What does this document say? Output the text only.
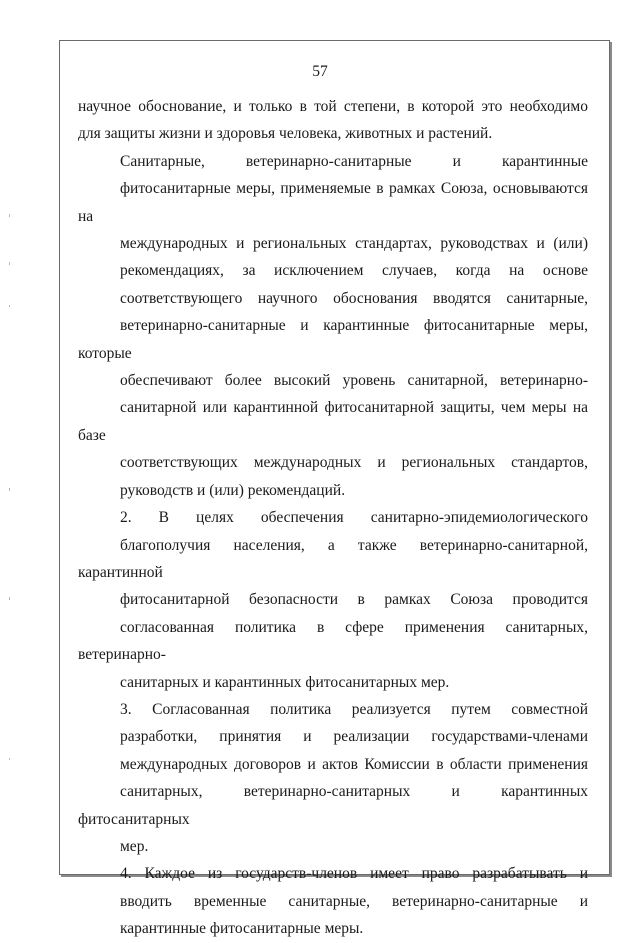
57

научное обоснование, и только в той степени, в которой это необходимо
для защиты жизни и здоровья человека, животных и растений.

Санитарные, ветеринарно-санитарные и карантинные
фитосанитарные меры, применяемые в рамках Союза, основываются на
международных и региональных стандартах, руководствах и (или)
рекомендациях, за исключением случаев, когда на основе
соответствующего научного обоснования вводятся санитарные,
ветеринарно-санитарные и карантинные фитосанитарные меры, которые
обеспечивают более высокий уровень санитарной, ветеринарно-
санитарной или карантинной фитосанитарной защиты, чем меры на базе
соответствующих международных и региональных стандартов,
руководств и (или) рекомендаций.

2. В целях обеспечения санитарно-эпидемиологического
благополучия населения, а также ветеринарно-санитарной, карантинной
фитосанитарной безопасности в рамках Союза проводится
согласованная политика в сфере применения санитарных, ветеринарно-
санитарных и карантинных фитосанитарных мер.

3. Согласованная политика реализуется путем совместной
разработки, принятия и реализации государствами-членами
международных договоров и актов Комиссии в области применения
санитарных, ветеринарно-санитарных и карантинных фитосанитарных
мер.

4. Каждое из государств-членов имеет право разрабатывать и
вводить временные санитарные, ветеринарно-санитарные и
карантинные фитосанитарные меры.
